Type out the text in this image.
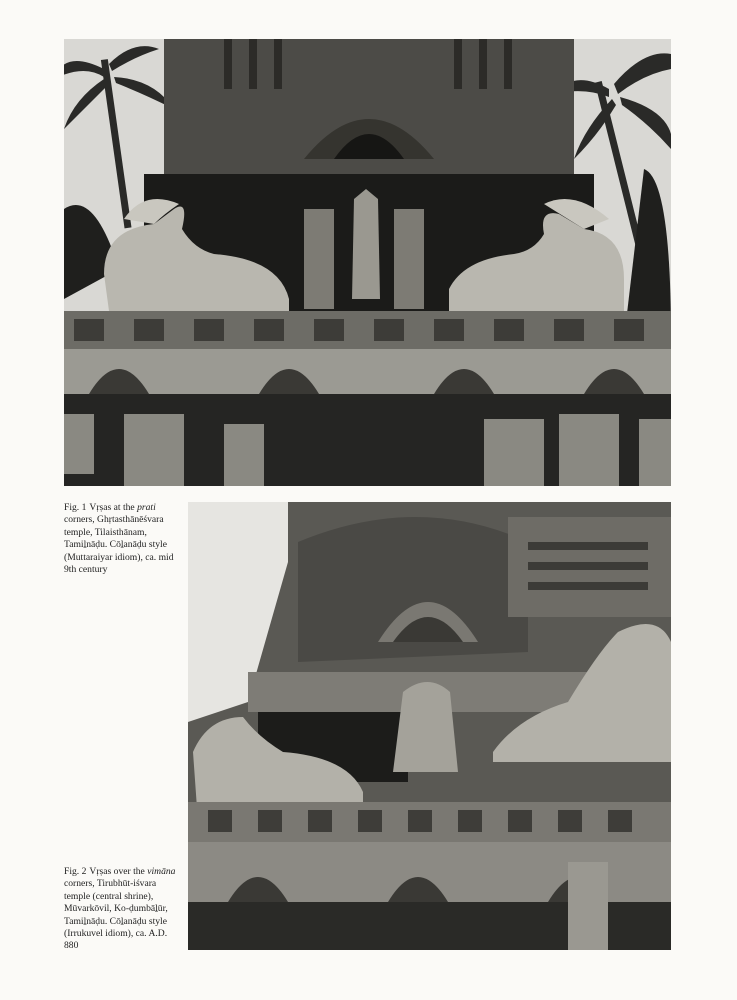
Fig. 1 Vṛṣas at the prati corners, Ghṛtasthānēśvara temple, Tilaisthānam, Tamiḻnāḍu. Cōḻanāḍu style (Muttaraiyar idiom), ca. mid 9th century
Fig. 2 Vṛṣas over the vimāna corners, Tirubhūt-iśvara temple (central shrine), Mūvarkōvil, Ko-ḍumbāḻūr, Tamiḻnāḍu. Cōḻanāḍu style (Irrukuvel idiom), ca. A.D. 880
